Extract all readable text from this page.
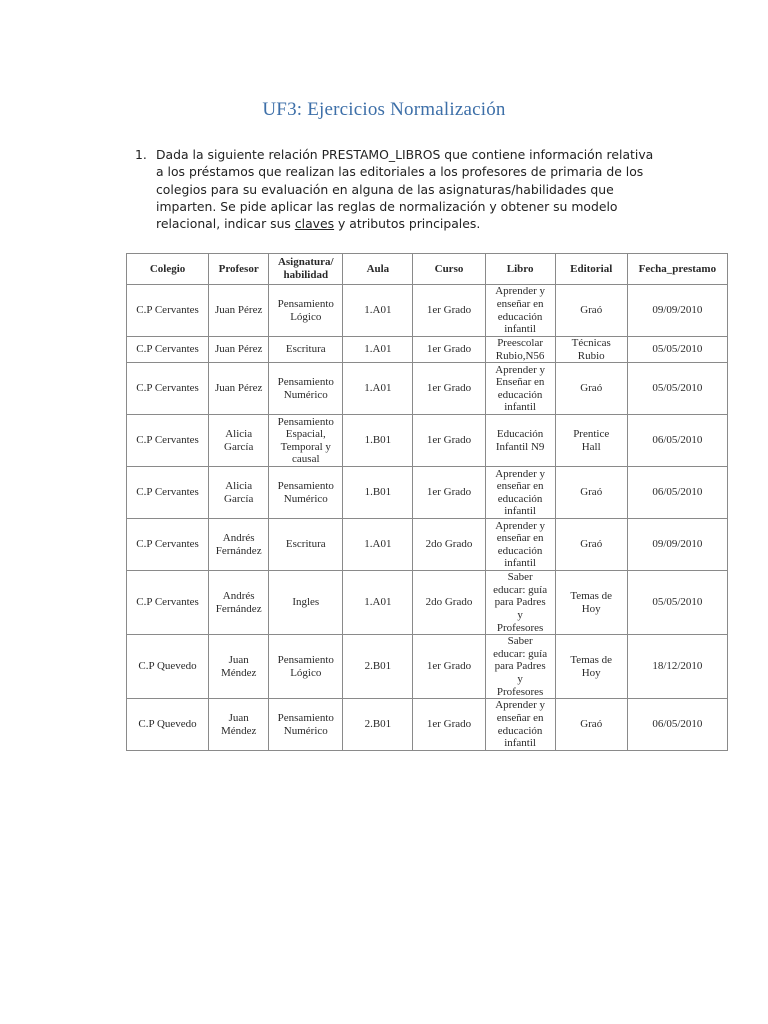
UF3: Ejercicios Normalización
1. Dada la siguiente relación PRESTAMO_LIBROS que contiene información relativa a los préstamos que realizan las editoriales a los profesores de primaria de los colegios para su evaluación en alguna de las asignaturas/habilidades que imparten. Se pide aplicar las reglas de normalización y obtener su modelo relacional, indicar sus claves y atributos principales.
Colegio	Profesor	Asignatura/
habilidad	Aula	Curso	Libro	Editorial	Fecha_prestamo
C.P Cervantes	Juan Pérez	Pensamiento
Lógico	1.A01	1er Grado	Aprender y
enseñar en
educación
infantil	Graó	09/09/2010
C.P Cervantes	Juan Pérez	Escritura	1.A01	1er Grado	Preescolar
Rubio,N56	Técnicas
Rubio	05/05/2010
C.P Cervantes	Juan Pérez	Pensamiento
Numérico	1.A01	1er Grado	Aprender y
Enseñar en
educación
infantil	Graó	05/05/2010
C.P Cervantes	Alicia
García	Pensamiento
Espacial,
Temporal y
causal	1.B01	1er Grado	Educación
Infantil N9	Prentice
Hall	06/05/2010
C.P Cervantes	Alicia
García	Pensamiento
Numérico	1.B01	1er Grado	Aprender y
enseñar en
educación
infantil	Graó	06/05/2010
C.P Cervantes	Andrés
Fernández	Escritura	1.A01	2do Grado	Aprender y
enseñar en
educación
infantil	Graó	09/09/2010
C.P Cervantes	Andrés
Fernández	Ingles	1.A01	2do Grado	Saber
educar: guía
para Padres
y
Profesores	Temas de
Hoy	05/05/2010
C.P Quevedo	Juan
Méndez	Pensamiento
Lógico	2.B01	1er Grado	Saber
educar: guía
para Padres
y
Profesores	Temas de
Hoy	18/12/2010
C.P Quevedo	Juan
Méndez	Pensamiento
Numérico	2.B01	1er Grado	Aprender y
enseñar en
educación
infantil	Graó	06/05/2010
